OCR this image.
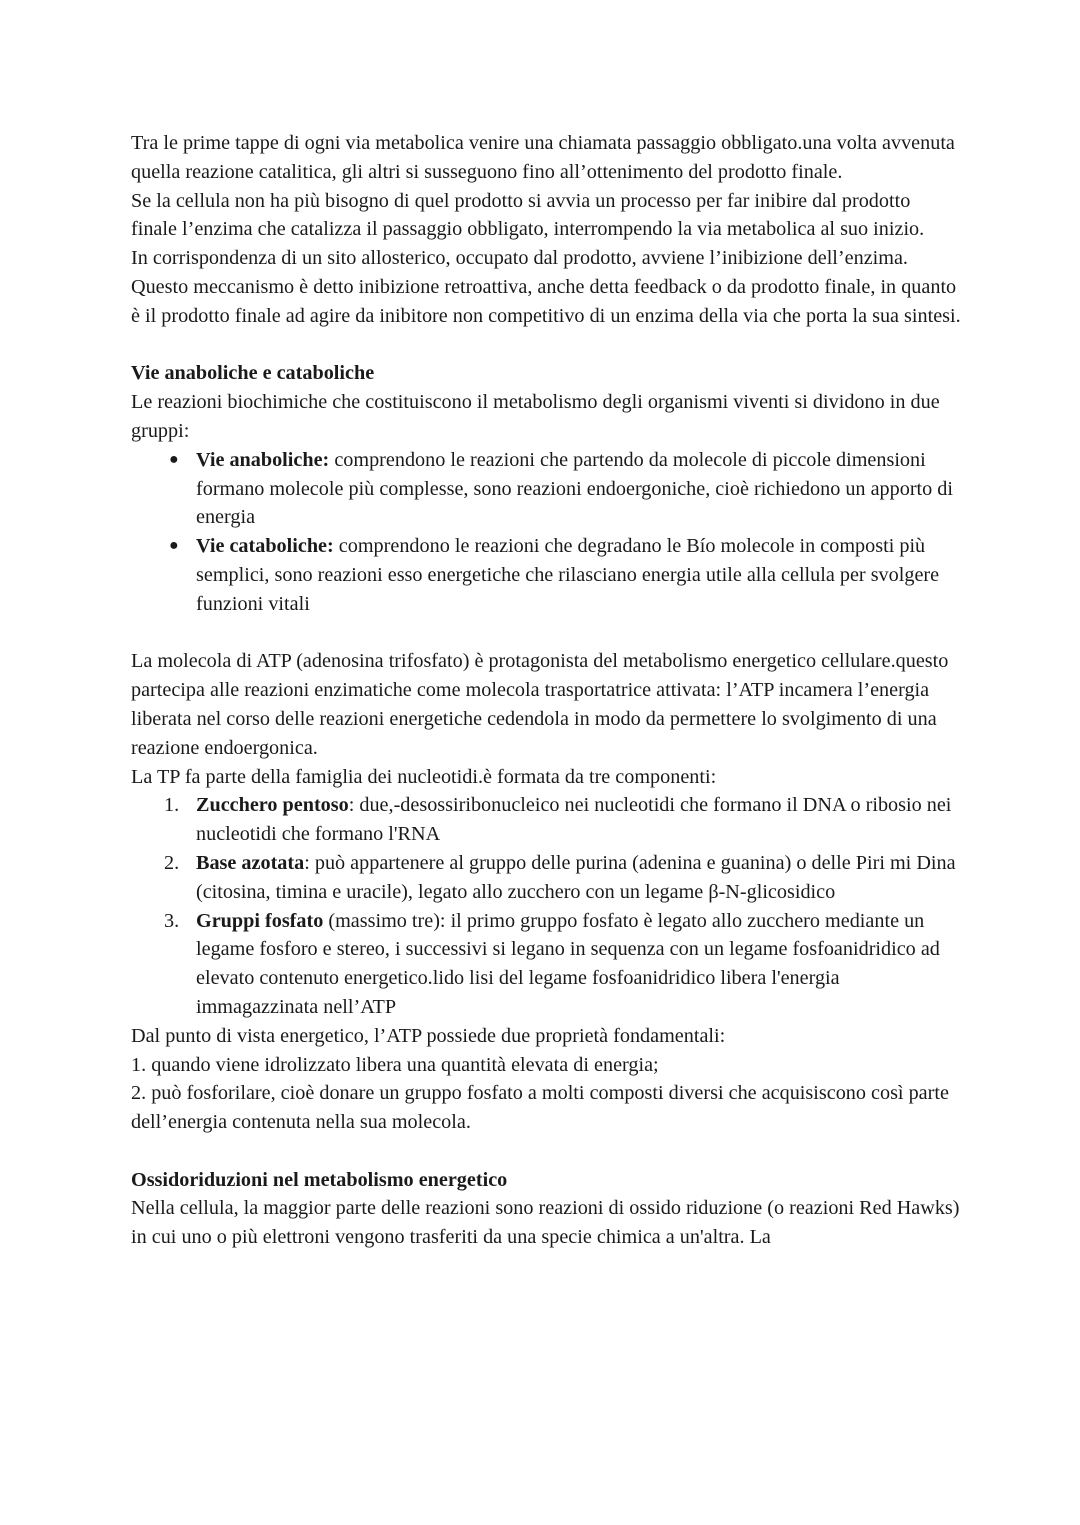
Tra le prime tappe di ogni via metabolica venire una chiamata passaggio obbligato.una volta avvenuta quella reazione catalitica, gli altri si susseguono fino all’ottenimento del prodotto finale.

Se la cellula non ha più bisogno di quel prodotto si avvia un processo per far inibire dal prodotto finale l’enzima che catalizza il passaggio obbligato, interrompendo la via metabolica al suo inizio.

In corrispondenza di un sito allosterico, occupato dal prodotto, avviene l’inibizione dell’enzima.

Questo meccanismo è detto inibizione retroattiva, anche detta feedback o da prodotto finale, in quanto è il prodotto finale ad agire da inibitore non competitivo di un enzima della via che porta la sua sintesi.

Vie anaboliche e cataboliche

Le reazioni biochimiche che costituiscono il metabolismo degli organismi viventi si dividono in due gruppi:

● Vie anaboliche: comprendono le reazioni che partendo da molecole di piccole dimensioni formano molecole più complesse, sono reazioni endoergoniche, cioè richiedono un apporto di energia
● Vie cataboliche: comprendono le reazioni che degradano le Bío molecole in composti più semplici, sono reazioni esso energetiche che rilasciano energia utile alla cellula per svolgere funzioni vitali

La molecola di ATP (adenosina trifosfato) è protagonista del metabolismo energetico cellulare.questo partecipa alle reazioni enzimatiche come molecola trasportatrice attivata: l’ATP incamera l’energia liberata nel corso delle reazioni energetiche cedendola in modo da permettere lo svolgimento di una reazione endoergonica.

La TP fa parte della famiglia dei nucleotidi.è formata da tre componenti:

1. Zucchero pentoso: due,-desossiribonucleico nei nucleotidi che formano il DNA o ribosio nei nucleotidi che formano l'RNA
2. Base azotata: può appartenere al gruppo delle purina (adenina e guanina) o delle Piri mi Dina (citosina, timina e uracile), legato allo zucchero con un legame β-N-glicosidico
3. Gruppi fosfato (massimo tre): il primo gruppo fosfato è legato allo zucchero mediante un legame fosforo e stereo, i successivi si legano in sequenza con un legame fosfoanidridico ad elevato contenuto energetico.lido lisi del legame fosfoanidridico libera l'energia immagazzinata nell’ATP

Dal punto di vista energetico, l’ATP possiede due proprietà fondamentali:

1. quando viene idrolizzato libera una quantità elevata di energia;

2. può fosforilare, cioè donare un gruppo fosfato a molti composti diversi che acquisiscono così parte dell’energia contenuta nella sua molecola.

Ossidoriduzioni nel metabolismo energetico

Nella cellula, la maggior parte delle reazioni sono reazioni di ossido riduzione (o reazioni Red Hawks) in cui uno o più elettroni vengono trasferiti da una specie chimica a un'altra. La
